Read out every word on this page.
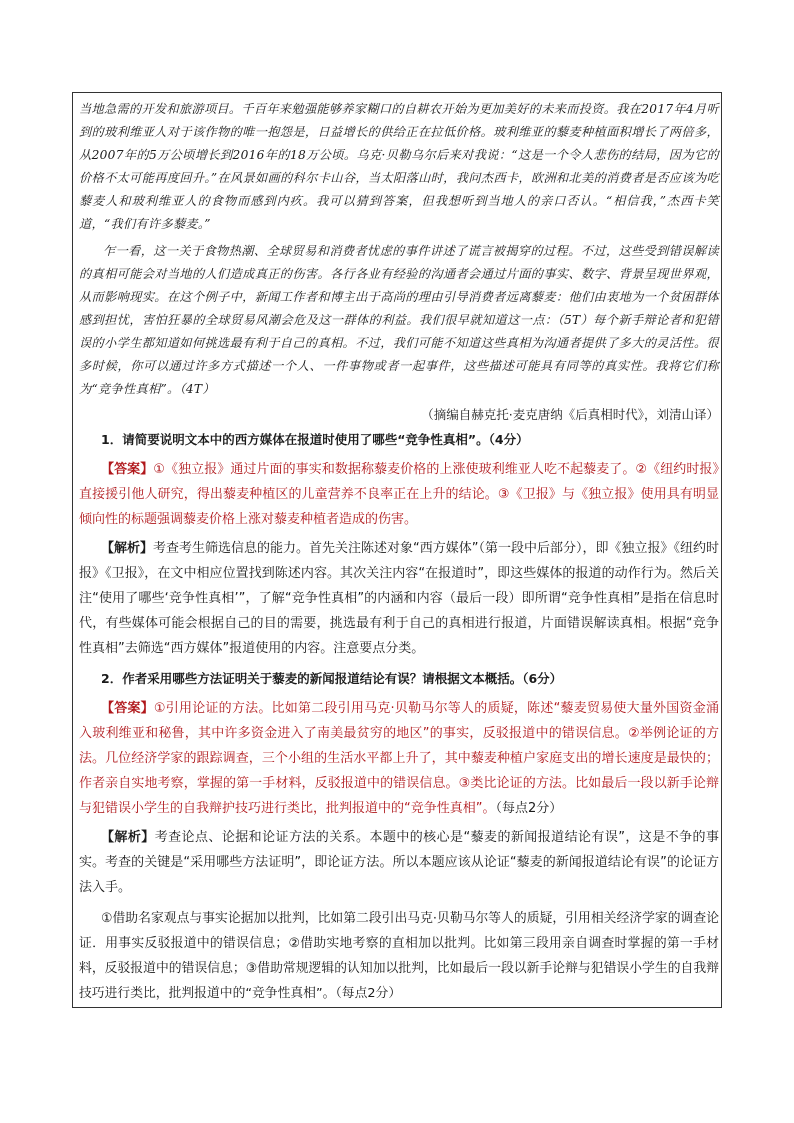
当地急需的开发和旅游项目。千百年来勉强能够养家糊口的自耕农开始为更加美好的未来而投资。我在2017年4月听到的玻利维亚人对于该作物的唯一抱怨是，日益增长的供给正在拉低价格。玻利维亚的藜麦种植面积增长了两倍多，从2007年的5万公顷增长到2016年的18万公顷。乌克·贝勒乌尔后来对我说：“这是一个令人悲伤的结局，因为它的价格不太可能再度回升。”在风景如画的科尔卡山谷，当太阳落山时，我问杰西卡，欧洲和北美的消费者是否应该为吃藜麦人和玻利维亚人的食物而感到内疚。我可以猜到答案，但我想听到当地人的亲口否认。“相信我，”杰西卡笑道，“我们有许多藜麦。”

乍一看，这一关于食物热潮、全球贸易和消费者忧虑的事件讲述了谎言被揭穿的过程。不过，这些受到错误解读的真相可能会对当地的人们造成真正的伤害。各行各业有经验的沟通者会通过片面的事实、数字、背景呈现世界观，从而影响现实。在这个例子中，新闻工作者和博主出于高尚的理由引导消费者远离藜麦：他们由衷地为一个贫困群体感到担忧，害怕狂暴的全球贸易风潮会危及这一群体的利益。我们很早就知道这一点：（5T）每个新手辩论者和犯错误的小学生都知道如何挑选最有利于自己的真相。不过，我们可能不知道这些真相为沟通者提供了多大的灵活性。很多时候，你可以通过许多方式描述一个人、一件事物或者一起事件，这些描述可能具有同等的真实性。我将它们称为“竞争性真相”。（4T）

（摘编自赫克托·麦克唐纳《后真相时代》，刘清山译）

1．请简要说明文本中的西方媒体在报道时使用了哪些“竞争性真相”。（4分）

【答案】①《独立报》通过片面的事实和数据称藜麦价格的上涨使玻利维亚人吃不起藜麦了。②《纽约时报》直接援引他人研究，得出藜麦种植区的儿童营养不良率正在上升的结论。③《卫报》与《独立报》使用具有明显倾向性的标题强调藜麦价格上涨对藜麦种植者造成的伤害。

【解析】考查考生筛选信息的能力。首先关注陈述对象“西方媒体”（第一段中后部分），即《独立报》《纽约时报》《卫报》，在文中相应位置找到陈述内容。其次关注内容“在报道时”，即这些媒体的报道的动作行为。然后关注“使用了哪些‘竞争性真相’”，了解“竞争性真相”的内涵和内容（最后一段）即所谓“竞争性真相”是指在信息时代，有些媒体可能会根据自己的目的需要，挑选最有利于自己的真相进行报道，片面错误解读真相。根据“竞争性真相”去筛选“西方媒体”报道使用的内容。注意要点分类。

2．作者采用哪些方法证明关于藜麦的新闻报道结论有误？请根据文本概括。（6分）

【答案】①引用论证的方法。比如第二段引用马克·贝勒马尔等人的质疑，陈述“藜麦贸易使大量外国资金涌入玻利维亚和秘鲁，其中许多资金进入了南美最贫穷的地区”的事实，反驳报道中的错误信息。②举例论证的方法。几位经济学家的跟踪调查，三个小组的生活水平都上升了，其中藜麦种植户家庭支出的增长速度是最快的；作者亲自实地考察，掌握的第一手材料，反驳报道中的错误信息。③类比论证的方法。比如最后一段以新手论辩与犯错误小学生的自我辩护技巧进行类比，批判报道中的“竞争性真相”。（每点2分）

【解析】考查论点、论据和论证方法的关系。本题中的核心是“藜麦的新闻报道结论有误”，这是不争的事实。考查的关键是“采用哪些方法证明”，即论证方法。所以本题应该从论证“藜麦的新闻报道结论有误”的论证方法入手。

①借助名家观点与事实论据加以批判，比如第二段引出马克·贝勒马尔等人的质疑，引用相关经济学家的调查论证．用事实反驳报道中的错误信息；②借助实地考察的直相加以批判。比如第三段用亲自调查时掌握的第一手材料，反驳报道中的错误信息；③借助常规逻辑的认知加以批判，比如最后一段以新手论辩与犯错误小学生的自我辩技巧进行类比，批判报道中的“竞争性真相”。（每点2分）
